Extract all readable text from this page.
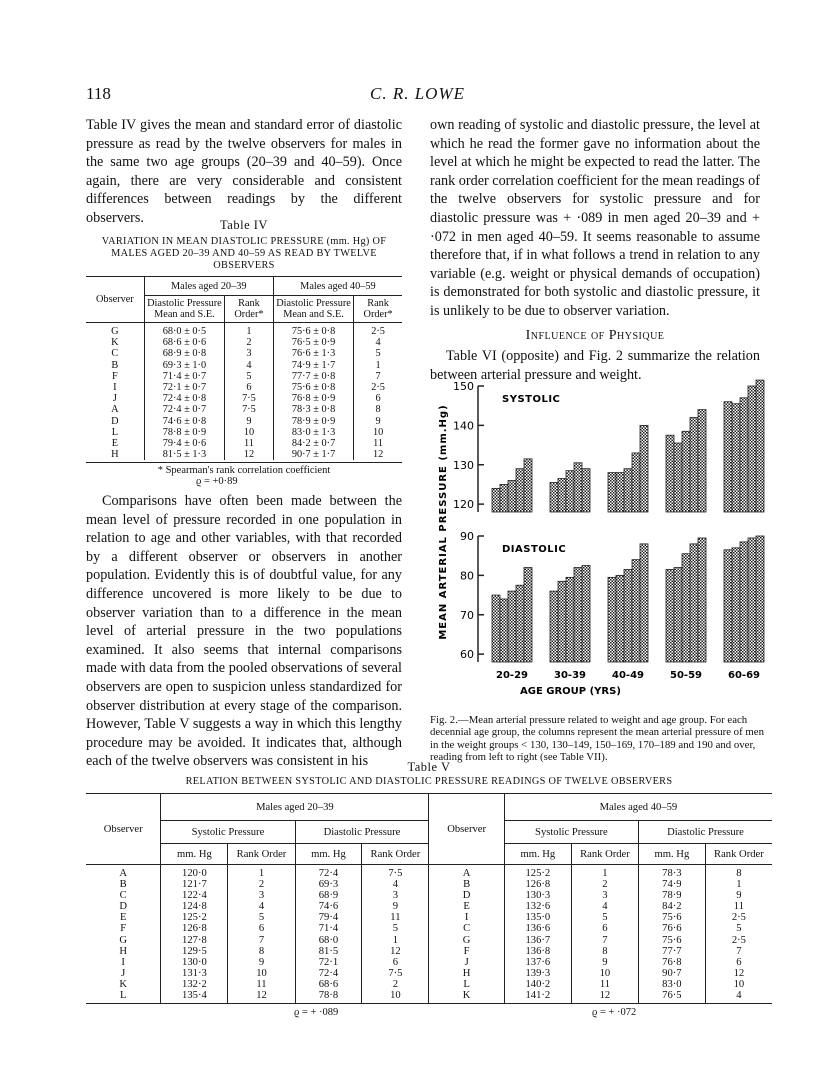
118	C. R. LOWE

Table IV gives the mean and standard error of diastolic pressure as read by the twelve observers for males in the same two age groups (20–39 and 40–59). Once again, there are very considerable and consistent differences between readings by the different observers.	Table IV
VARIATION IN MEAN DIASTOLIC PRESSURE (mm. Hg) OF MALES AGED 20–39 AND 40–59 AS READ BY TWELVE OBSERVERS
Observer	Males aged 20–39		Males aged 40–59	
	Diastolic Pressure Mean and S.E.	Rank Order*	Diastolic Pressure Mean and S.E.	Rank Order*
G	68·0 ± 0·5	1	75·6 ± 0·8	2·5
K	68·6 ± 0·6	2	76·5 ± 0·9	4
C	68·9 ± 0·8	3	76·6 ± 1·3	5
B	69·3 ± 1·0	4	74·9 ± 1·7	1
F	71·4 ± 0·7	5	77·7 ± 0·8	7
I	72·1 ± 0·7	6	75·6 ± 0·8	2·5
J	72·4 ± 0·8	7·5	76·8 ± 0·9	6
A	72·4 ± 0·7	7·5	78·3 ± 0·8	8
D	74·6 ± 0·8	9	78·9 ± 0·9	9
L	78·8 ± 0·9	10	83·0 ± 1·3	10
E	79·4 ± 0·6	11	84·2 ± 0·7	11
H	81·5 ± 1·3	12	90·7 ± 1·7	12
* Spearman's rank correlation coefficient
ϱ = +0·89

Comparisons have often been made between the mean level of pressure recorded in one population in relation to age and other variables, with that recorded by a different observer or observers in another population. Evidently this is of doubtful value, for any difference uncovered is more likely to be due to observer variation than to a difference in the mean level of arterial pressure in the two populations examined. It also seems that internal comparisons made with data from the pooled observations of several observers are open to suspicion unless standardized for observer distribution at every stage of the comparison. However, Table V suggests a way in which this lengthy procedure may be avoided. It indicates that, although each of the twelve observers was consistent in his

own reading of systolic and diastolic pressure, the level at which he read the former gave no information about the level at which he might be expected to read the latter. The rank order correlation coefficient for the mean readings of the twelve observers for systolic pressure and for diastolic pressure was + ·089 in men aged 20–39 and + ·072 in men aged 40–59. It seems reasonable to assume therefore that, if in what follows a trend in relation to any variable (e.g. weight or physical demands of occupation) is demonstrated for both systolic and diastolic pressure, it is unlikely to be due to observer variation.

Influence of Physique

Table VI (opposite) and Fig. 2 summarize the relation between arterial pressure and weight.

120
130
140
150
SYSTOLIC
60
70
80
90
DIASTOLIC
20-29	30-39	40-49	50-59	60-69
AGE GROUP (YRS)
MEAN ARTERIAL PRESSURE (mm.Hg)
Fig. 2.—Mean arterial pressure related to weight and age group. For each decennial age group, the columns represent the mean arterial pressure of men in the weight groups < 130, 130–149, 150–169, 170–189 and 190 and over, reading from left to right (see Table VII).
Table V
RELATION BETWEEN SYSTOLIC AND DIASTOLIC PRESSURE READINGS OF TWELVE OBSERVERS
Observer	Males aged 20–39				Observer	Males aged 40–59			
	Systolic Pressure		Diastolic Pressure			Systolic Pressure		Diastolic Pressure	
	mm. Hg	Rank Order	mm. Hg	Rank Order		mm. Hg	Rank Order	mm. Hg	Rank Order
A	120·0	1	72·4	7·5	A	125·2	1	78·3	8
B	121·7	2	69·3	4	B	126·8	2	74·9	1
C	122·4	3	68·9	3	D	130·3	3	78·9	9
D	124·8	4	74·6	9	E	132·6	4	84·2	11
E	125·2	5	79·4	11	I	135·0	5	75·6	2·5
F	126·8	6	71·4	5	C	136·6	6	76·6	5
G	127·8	7	68·0	1	G	136·7	7	75·6	2·5
H	129·5	8	81·5	12	F	136·8	8	77·7	7
I	130·0	9	72·1	6	J	137·6	9	76·8	6
J	131·3	10	72·4	7·5	H	139·3	10	90·7	12
K	132·2	11	68·6	2	L	140·2	11	83·0	10
L	135·4	12	78·8	10	K	141·2	12	76·5	4
ϱ = + ·089	ϱ = + ·072
